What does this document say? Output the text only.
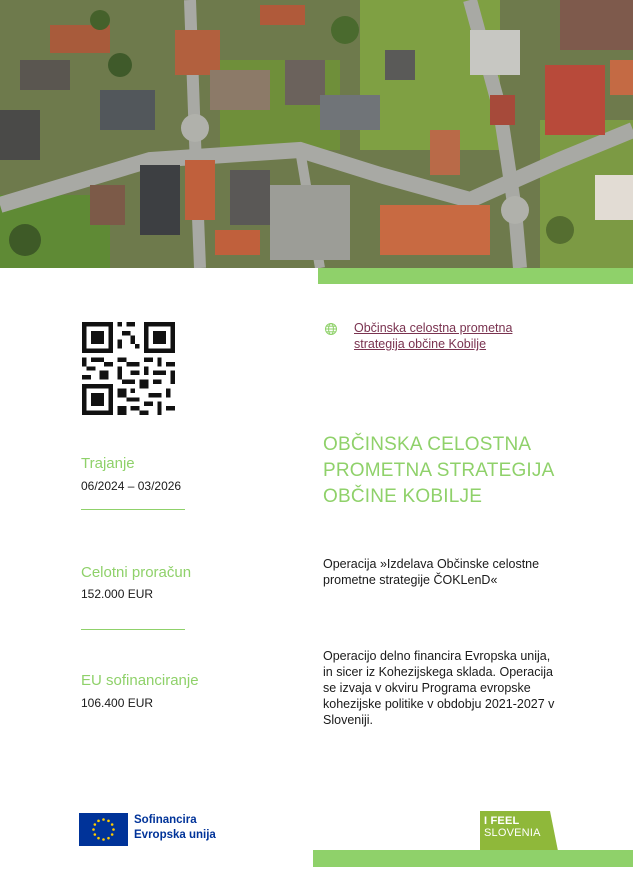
Trajanje
06/2024 – 03/2026
Celotni proračun
152.000 EUR
EU sofinanciranje
106.400 EUR
Občinska celostna prometna strategija občine Kobilje
OBČINSKA CELOSTNA PROMETNA STRATEGIJA OBČINE KOBILJE
Operacija »Izdelava Občinske celostne prometne strategije ČOKLenD«
Operacijo delno financira Evropska unija, in sicer iz Kohezijskega sklada. Operacija se izvaja v okviru Programa evropske kohezijske politike v obdobju 2021-2027 v Sloveniji.
Sofinancira
Evropska unija
I FEEL
SLOVENIA
